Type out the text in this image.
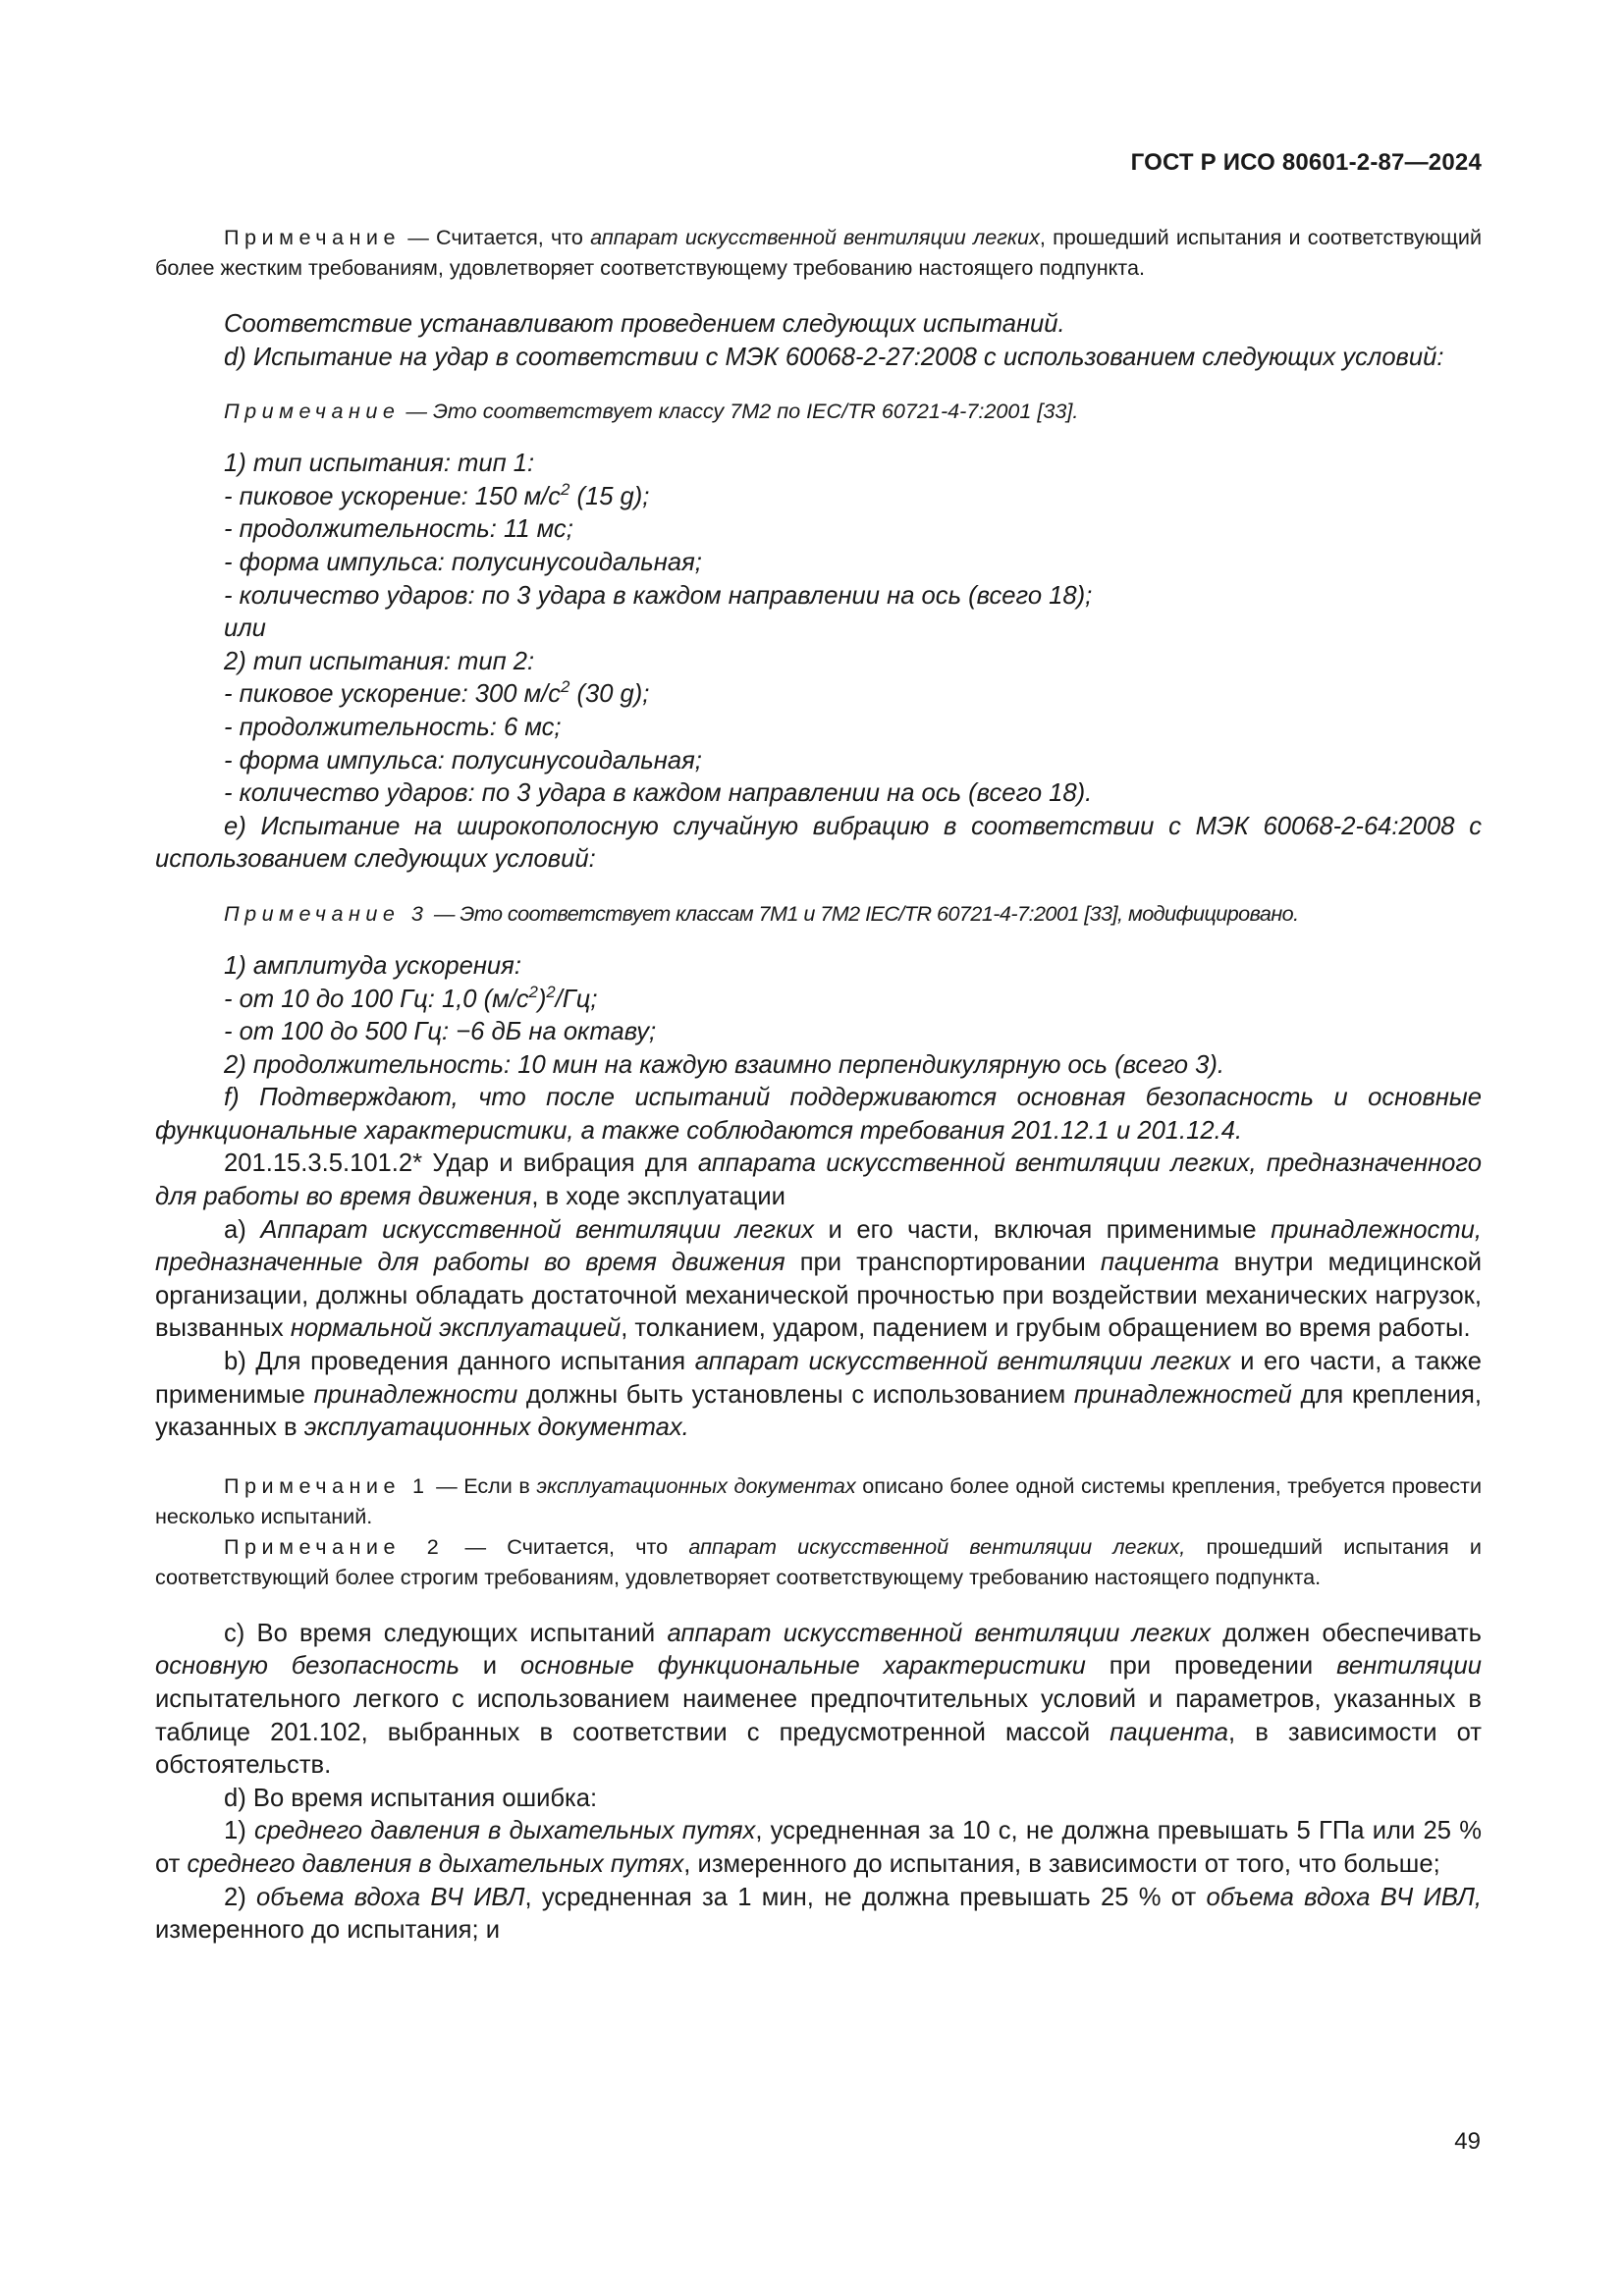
ГОСТ Р ИСО 80601-2-87—2024

Примечание — Считается, что аппарат искусственной вентиляции легких, прошедший испытания и соответствующий более жестким требованиям, удовлетворяет соответствующему требованию настоящего подпункта.

Соответствие устанавливают проведением следующих испытаний.

d) Испытание на удар в соответствии с МЭК 60068-2-27:2008 с использованием следующих условий:

Примечание — Это соответствует классу 7M2 по IEC/TR 60721-4-7:2001 [33].

1) тип испытания: тип 1:

- пиковое ускорение: 150 $м/с^2$ (15 g);

- продолжительность: 11 мс;

- форма импульса: полусинусоидальная;

- количество ударов: по 3 удара в каждом направлении на ось (всего 18);

или

2) тип испытания: тип 2:

- пиковое ускорение: 300 $м/с^2$ (30 g);

- продолжительность: 6 мс;

- форма импульса: полусинусоидальная;

- количество ударов: по 3 удара в каждом направлении на ось (всего 18).

e) Испытание на широкополосную случайную вибрацию в соответствии с МЭК 60068-2-64:2008 с использованием следующих условий:

Примечание 3 — Это соответствует классам 7M1 и 7M2 IEC/TR 60721-4-7:2001 [33], модифицировано.

1) амплитуда ускорения:

- от 10 до 100 Гц: 1,0 $(м/с^2)^2/Гц$;

- от 100 до 500 Гц: −6 дБ на октаву;

2) продолжительность: 10 мин на каждую взаимно перпендикулярную ось (всего 3).

f) Подтверждают, что после испытаний поддерживаются основная безопасность и основные функциональные характеристики, а также соблюдаются требования 201.12.1 и 201.12.4.

201.15.3.5.101.2* Удар и вибрация для аппарата искусственной вентиляции легких, предназначенного для работы во время движения, в ходе эксплуатации

a) Аппарат искусственной вентиляции легких и его части, включая применимые принадлежности, предназначенные для работы во время движения при транспортировании пациента внутри медицинской организации, должны обладать достаточной механической прочностью при воздействии механических нагрузок, вызванных нормальной эксплуатацией, толканием, ударом, падением и грубым обращением во время работы.

b) Для проведения данного испытания аппарат искусственной вентиляции легких и его части, а также применимые принадлежности должны быть установлены с использованием принадлежностей для крепления, указанных в эксплуатационных документах.

Примечание 1 — Если в эксплуатационных документах описано более одной системы крепления, требуется провести несколько испытаний.

Примечание 2 — Считается, что аппарат искусственной вентиляции легких, прошедший испытания и соответствующий более строгим требованиям, удовлетворяет соответствующему требованию настоящего подпункта.

c) Во время следующих испытаний аппарат искусственной вентиляции легких должен обеспечивать основную безопасность и основные функциональные характеристики при проведении вентиляции испытательного легкого с использованием наименее предпочтительных условий и параметров, указанных в таблице 201.102, выбранных в соответствии с предусмотренной массой пациента, в зависимости от обстоятельств.

d) Во время испытания ошибка:

1) среднего давления в дыхательных путях, усредненная за 10 с, не должна превышать 5 ГПа или 25 % от среднего давления в дыхательных путях, измеренного до испытания, в зависимости от того, что больше;

2) объема вдоха ВЧ ИВЛ, усредненная за 1 мин, не должна превышать 25 % от объема вдоха ВЧ ИВЛ, измеренного до испытания; и

49
